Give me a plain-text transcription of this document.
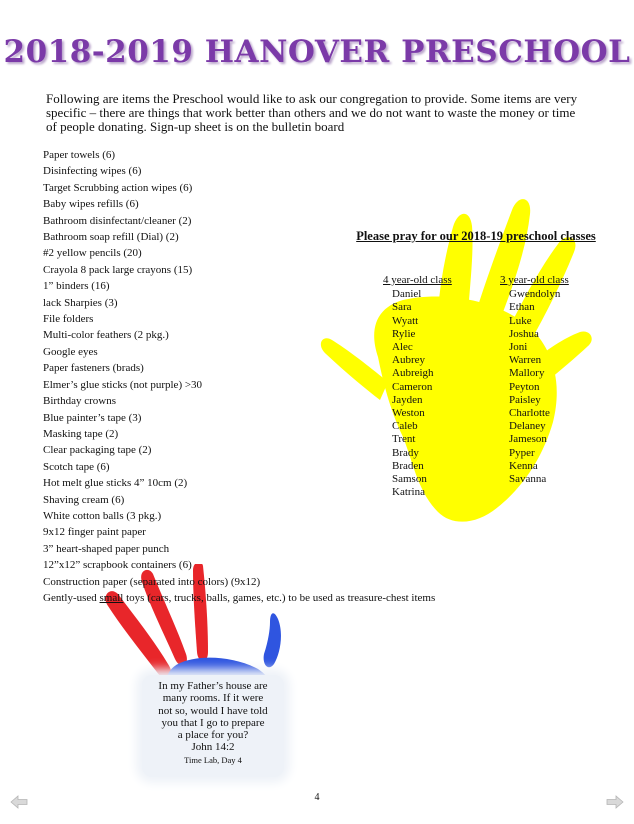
2018-2019 HANOVER PRESCHOOL
Following are items the Preschool would like to ask our congregation to provide. Some items are very specific – there are things that work better than others and we do not want to waste the money or time of people donating. Sign-up sheet is on the bulletin board
Paper towels (6)
Disinfecting wipes (6)
Target Scrubbing action wipes (6)
Baby wipes refills (6)
Bathroom disinfectant/cleaner (2)
Bathroom soap refill (Dial) (2)
#2 yellow pencils (20)
Crayola 8 pack large crayons (15)
1” binders (16)
lack Sharpies (3)
File folders
Multi-color feathers (2 pkg.)
Google eyes
Paper fasteners (brads)
Elmer’s glue sticks (not purple) >30
Birthday crowns
Blue painter’s tape (3)
Masking tape (2)
Clear packaging tape (2)
Scotch tape (6)
Hot melt glue sticks 4” 10cm (2)
Shaving cream (6)
White cotton balls (3 pkg.)
9x12 finger paint paper
3” heart-shaped paper punch
12”x12” scrapbook containers (6)
Construction paper (separated into colors) (9x12)
Gently-used small toys (cars, trucks, balls, games, etc.) to be used as treasure-chest items
Please pray for our 2018-19 preschool classes
4 year-old class
Daniel
Sara
Wyatt
Rylie
Alec
Aubrey
Aubreigh
Cameron
Jayden
Weston
Caleb
Trent
Brady
Braden
Samson
Katrina
3 year-old class
Gwendolyn
Ethan
Luke
Joshua
Joni
Warren
Mallory
Peyton
Paisley
Charlotte
Delaney
Jameson
Pyper
Kenna
Savanna
In my Father’s house are
many rooms. If it were
not so, would I have told
you that I go to prepare
a place for you?
John 14:2
Time Lab, Day 4
4
